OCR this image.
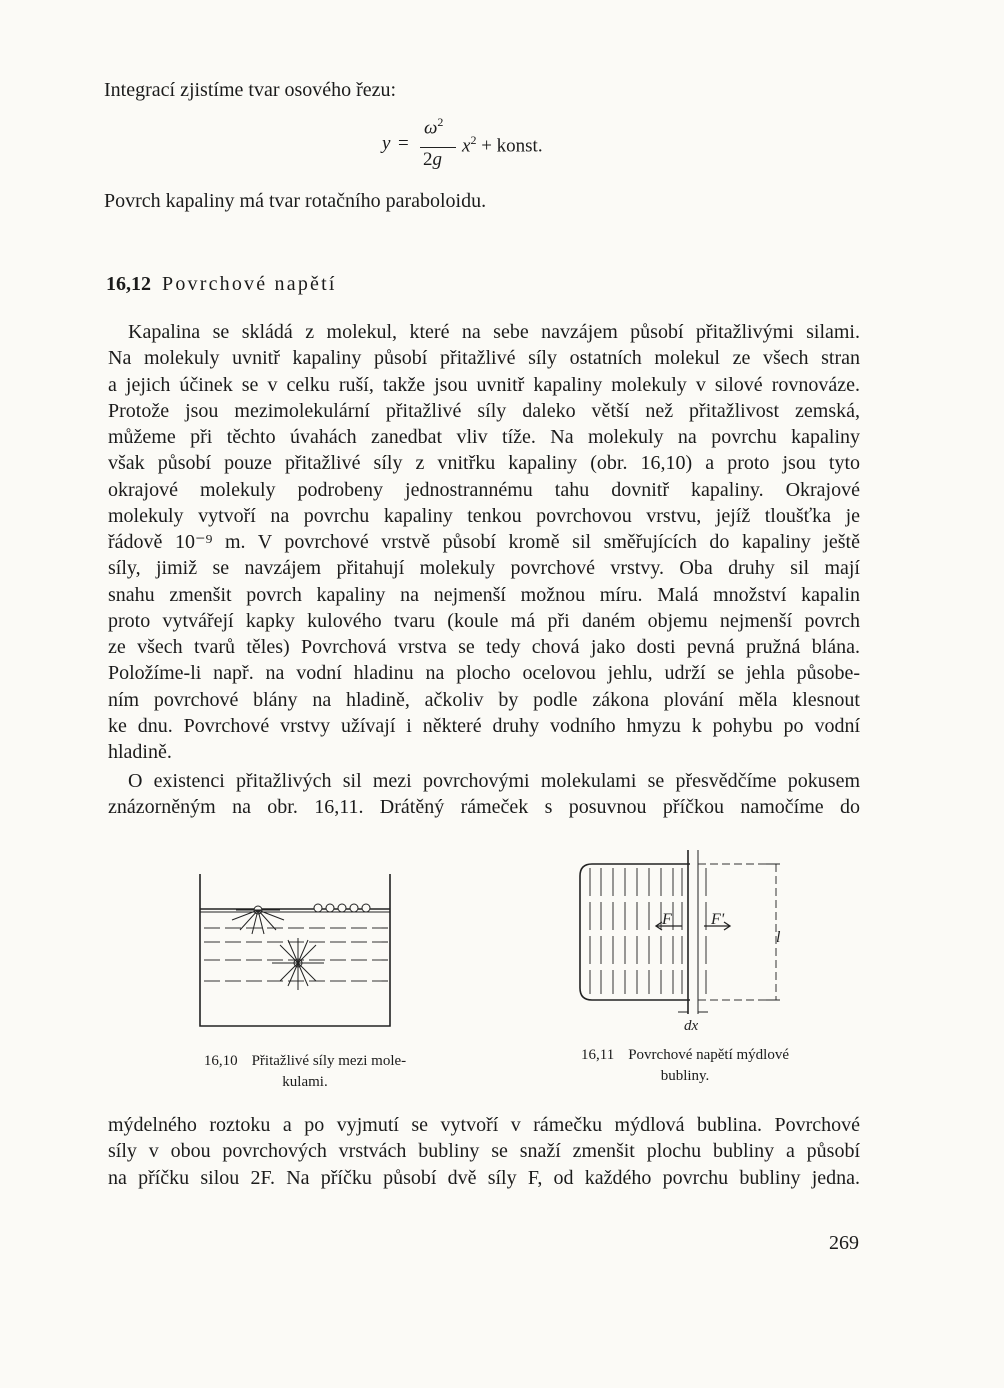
Integrací zjistíme tvar osového řezu:
y =
$\omega^2$
2g
$x^2$ + konst.
Povrch kapaliny má tvar rotačního paraboloidu.
16,12 Povrchové napětí
Kapalina se skládá z molekul, které na sebe navzájem působí přitažlivými silami.
Na molekuly uvnitř kapaliny působí přitažlivé síly ostatních molekul ze všech stran
a jejich účinek se v celku ruší, takže jsou uvnitř kapaliny molekuly v silové rovnováze.
Protože jsou mezimolekulární přitažlivé síly daleko větší než přitažlivost zemská,
můžeme při těchto úvahách zanedbat vliv tíže. Na molekuly na povrchu kapaliny
však působí pouze přitažlivé síly z vnitřku kapaliny (obr. 16,10) a proto jsou tyto
okrajové molekuly podrobeny jednostrannému tahu dovnitř kapaliny. Okrajové
molekuly vytvoří na povrchu kapaliny tenkou povrchovou vrstvu, jejíž tloušťka je
řádově 10⁻⁹ m. V povrchové vrstvě působí kromě sil směřujících do kapaliny ještě
síly, jimiž se navzájem přitahují molekuly povrchové vrstvy. Oba druhy sil mají
snahu zmenšit povrch kapaliny na nejmenší možnou míru. Malá množství kapalin
proto vytvářejí kapky kulového tvaru (koule má při daném objemu nejmenší povrch
ze všech tvarů těles) Povrchová vrstva se tedy chová jako dosti pevná pružná blána.
Položíme-li např. na vodní hladinu na plocho ocelovou jehlu, udrží se jehla působe-
ním povrchové blány na hladině, ačkoliv by podle zákona plování měla klesnout
ke dnu. Povrchové vrstvy užívají i některé druhy vodního hmyzu k pohybu po vodní
hladině.
O existenci přitažlivých sil mezi povrchovými molekulami se přesvědčíme pokusem
znázorněným na obr. 16,11. Drátěný rámeček s posuvnou příčkou namočíme do
F F'
l
dx
16,10 Přitažlivé síly mezi mole-
kulami.
16,11 Povrchové napětí mýdlové
bubliny.
mýdelného roztoku a po vyjmutí se vytvoří v rámečku mýdlová bublina. Povrchové
síly v obou povrchových vrstvách bubliny se snaží zmenšit plochu bubliny a působí
na příčku silou 2F. Na příčku působí dvě síly F, od každého povrchu bubliny jedna.
269
